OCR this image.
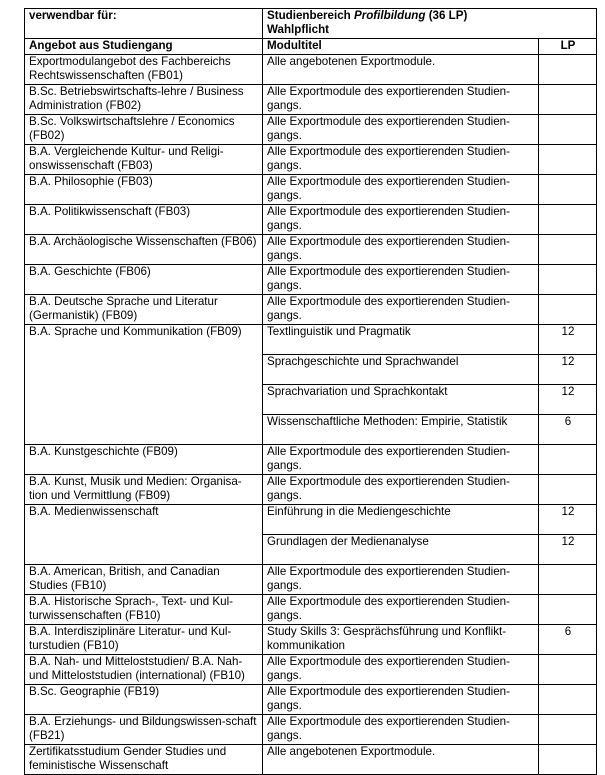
verwendbar für:	Studienbereich Profilbildung (36 LP)
Wahlpflicht	
Angebot aus Studiengang	Modultitel	LP
Exportmodulangebot des Fachbereichs Rechtswissenschaften (FB01)	Alle angebotenen Exportmodule.	
B.Sc. Betriebswirtschafts-lehre / Business Administration (FB02)	Alle Exportmodule des exportierenden Studien-gangs.	
B.Sc. Volkswirtschaftslehre / Economics (FB02)	Alle Exportmodule des exportierenden Studien-gangs.	
B.A. Vergleichende Kultur- und Religi-onswissenschaft (FB03)	Alle Exportmodule des exportierenden Studien-gangs.	
B.A. Philosophie (FB03)	Alle Exportmodule des exportierenden Studien-gangs.	
B.A. Politikwissenschaft (FB03)	Alle Exportmodule des exportierenden Studien-gangs.	
B.A. Archäologische Wissenschaften (FB06)	Alle Exportmodule des exportierenden Studien-gangs.	
B.A. Geschichte (FB06)	Alle Exportmodule des exportierenden Studien-gangs.	
B.A. Deutsche Sprache und Literatur (Germanistik) (FB09)	Alle Exportmodule des exportierenden Studien-gangs.	
B.A. Sprache und Kommunikation (FB09)	Textlinguistik und Pragmatik	12
	Sprachgeschichte und Sprachwandel	12
	Sprachvariation und Sprachkontakt	12
	Wissenschaftliche Methoden: Empirie, Statistik	6
B.A. Kunstgeschichte (FB09)	Alle Exportmodule des exportierenden Studien-gangs.	
B.A. Kunst, Musik und Medien: Organisa-tion und Vermittlung (FB09)	Alle Exportmodule des exportierenden Studien-gangs.	
B.A. Medienwissenschaft	Einführung in die Mediengeschichte	12
	Grundlagen der Medienanalyse	12
B.A. American, British, and Canadian Studies (FB10)	Alle Exportmodule des exportierenden Studien-gangs.	
B.A. Historische Sprach-, Text- und Kul-turwissenschaften (FB10)	Alle Exportmodule des exportierenden Studien-gangs.	
B.A. Interdisziplinäre Literatur- und Kul-turstudien (FB10)	Study Skills 3: Gesprächsführung und Konflikt-kommunikation	6
B.A. Nah- und Mitteloststudien/ B.A. Nah- und Mitteloststudien (international) (FB10)	Alle Exportmodule des exportierenden Studien-gangs.	
B.Sc. Geographie (FB19)	Alle Exportmodule des exportierenden Studien-gangs.	
B.A. Erziehungs- und Bildungswissen-schaft (FB21)	Alle Exportmodule des exportierenden Studien-gangs.	
Zertifikatsstudium Gender Studies und feministische Wissenschaft	Alle angebotenen Exportmodule.	
